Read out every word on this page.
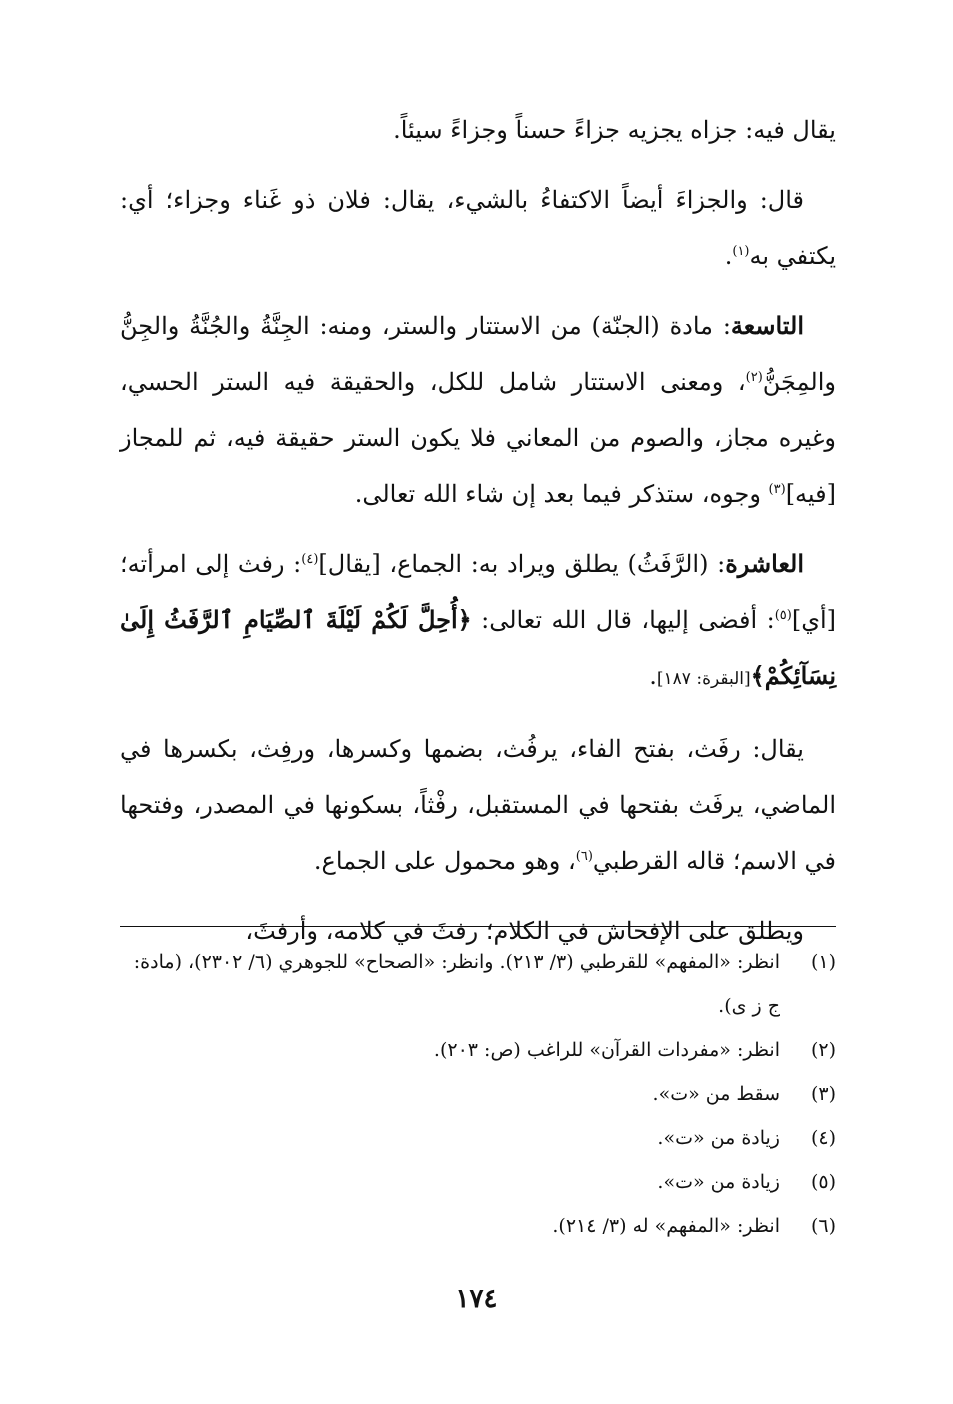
يقال فيه: جزاه يجزيه جزاءً حسناً وجزاءً سيئاً.

قال: والجزاءَ أيضاً الاكتفاءُ بالشيء، يقال: فلان ذو غَناء وجزاء؛ أي: يكتفي به$^{(١)}$.

التاسعة: مادة (الجنّة) من الاستتار والستر، ومنه: الجِنَّةُ والجُنَّةُ والجِنُّ والمِجَنُّ$^{(٢)}$، ومعنى الاستتار شامل للكل، والحقيقة فيه الستر الحسي، وغيره مجاز، والصوم من المعاني فلا يكون الستر حقيقة فيه، ثم للمجاز [فيه]$^{(٣)}$ وجوه، ستذكر فيما بعد إن شاء الله تعالى.

العاشرة: (الرَّفَثُ) يطلق ويراد به: الجماع، [يقال]$^{(٤)}$: رفث إلى امرأته؛ [أي]$^{(٥)}$: أفضى إليها، قال الله تعالى: ﴿أُحِلَّ لَكُمْ لَيْلَةَ ٱلصِّيَامِ ٱلرَّفَثُ إِلَىٰ نِسَآئِكُمْ﴾[البقرة: ١٨٧].

يقال: رفَث، بفتح الفاء، يرفُث، بضمها وكسرها، ورفِث، بكسرها في الماضي، يرفَث بفتحها في المستقبل، رفْثاً، بسكونها في المصدر، وفتحها في الاسم؛ قاله القرطبي$^{(٦)}$، وهو محمول على الجماع.

ويطلق على الإفحاش في الكلام؛ رفثَ في كلامه، وأرفثَ،

(١)
انظر: «المفهم» للقرطبي (٣/ ٢١٣). وانظر: «الصحاح» للجوهري (٦/ ٢٣٠٢)، (مادة: ج ز ى).

(٢)
انظر: «مفردات القرآن» للراغب (ص: ٢٠٣).

(٣)
سقط من «ت».

(٤)
زيادة من «ت».

(٥)
زيادة من «ت».

(٦)
انظر: «المفهم» له (٣/ ٢١٤).

١٧٤
